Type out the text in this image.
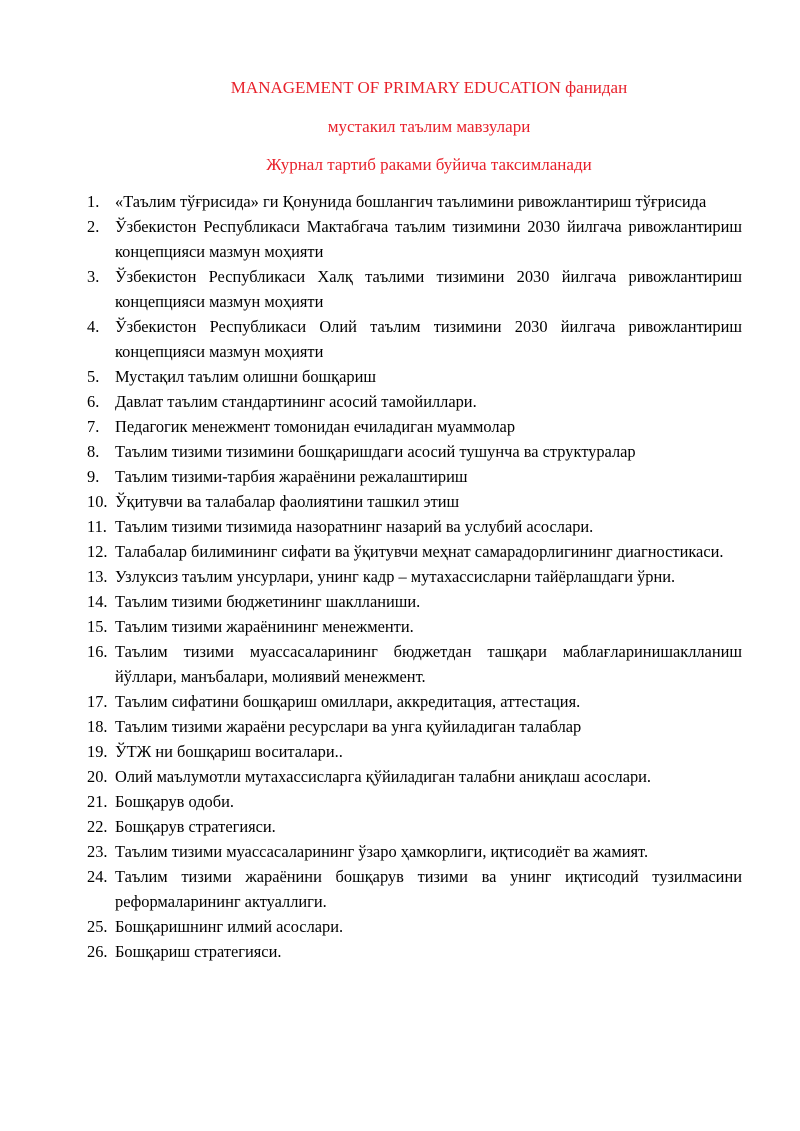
MANAGEMENT OF PRIMARY EDUCATION фанидан

мустакил таълим мавзулари

Журнал тартиб раками буйича таксимланади

1. «Таълим тўғрисида» ги Қонунида бошлангич таълимини ривожлантириш тўғрисида
2. Ўзбекистон Республикаси Мактабгача таълим тизимини 2030 йилгача ривожлантириш концепцияси мазмун моҳияти
3. Ўзбекистон Республикаси Халқ таълими тизимини 2030 йилгача ривожлантириш концепцияси мазмун моҳияти
4. Ўзбекистон Республикаси Олий таълим тизимини 2030 йилгача ривожлантириш концепцияси мазмун моҳияти
5. Мустақил таълим олишни бошқариш
6. Давлат таълим стандартининг асосий тамойиллари.
7. Педагогик менежмент томонидан ечиладиган муаммолар
8. Таълим тизими тизимини бошқаришдаги асосий тушунча ва структуралар
9. Таълим тизими-тарбия жараёнини режалаштириш
10. Ўқитувчи ва талабалар фаолиятини ташкил этиш
11. Таълим тизими тизимида назоратнинг назарий ва услубий асослари.
12. Талабалар билимининг сифати ва ўқитувчи меҳнат самарадорлигининг диагностикаси.
13. Узлуксиз таълим унсурлари, унинг кадр – мутахассисларни тайёрлашдаги ўрни.
14. Таълим тизими бюджетининг шаклланиши.
15. Таълим тизими жараёнининг менежменти.
16. Таълим тизими муассасаларининг бюджетдан ташқари маблағларинишаклланиш йўллари, манъбалари, молиявий менежмент.
17. Таълим сифатини бошқариш омиллари, аккредитация, аттестация.
18. Таълим тизими жараёни ресурслари ва унга қуйиладиган талаблар
19. ЎТЖ ни бошқариш воситалари..
20. Олий маълумотли мутахассисларга қўйиладиган талабни аниқлаш асослари.
21. Бошқарув одоби.
22. Бошқарув стратегияси.
23. Таълим тизими муассасаларининг ўзаро ҳамкорлиги, иқтисодиёт ва жамият.
24. Таълим тизими жараёнини бошқарув тизими ва унинг иқтисодий тузилмасини реформаларининг актуаллиги.
25. Бошқаришнинг илмий асослари.
26. Бошқариш стратегияси.
